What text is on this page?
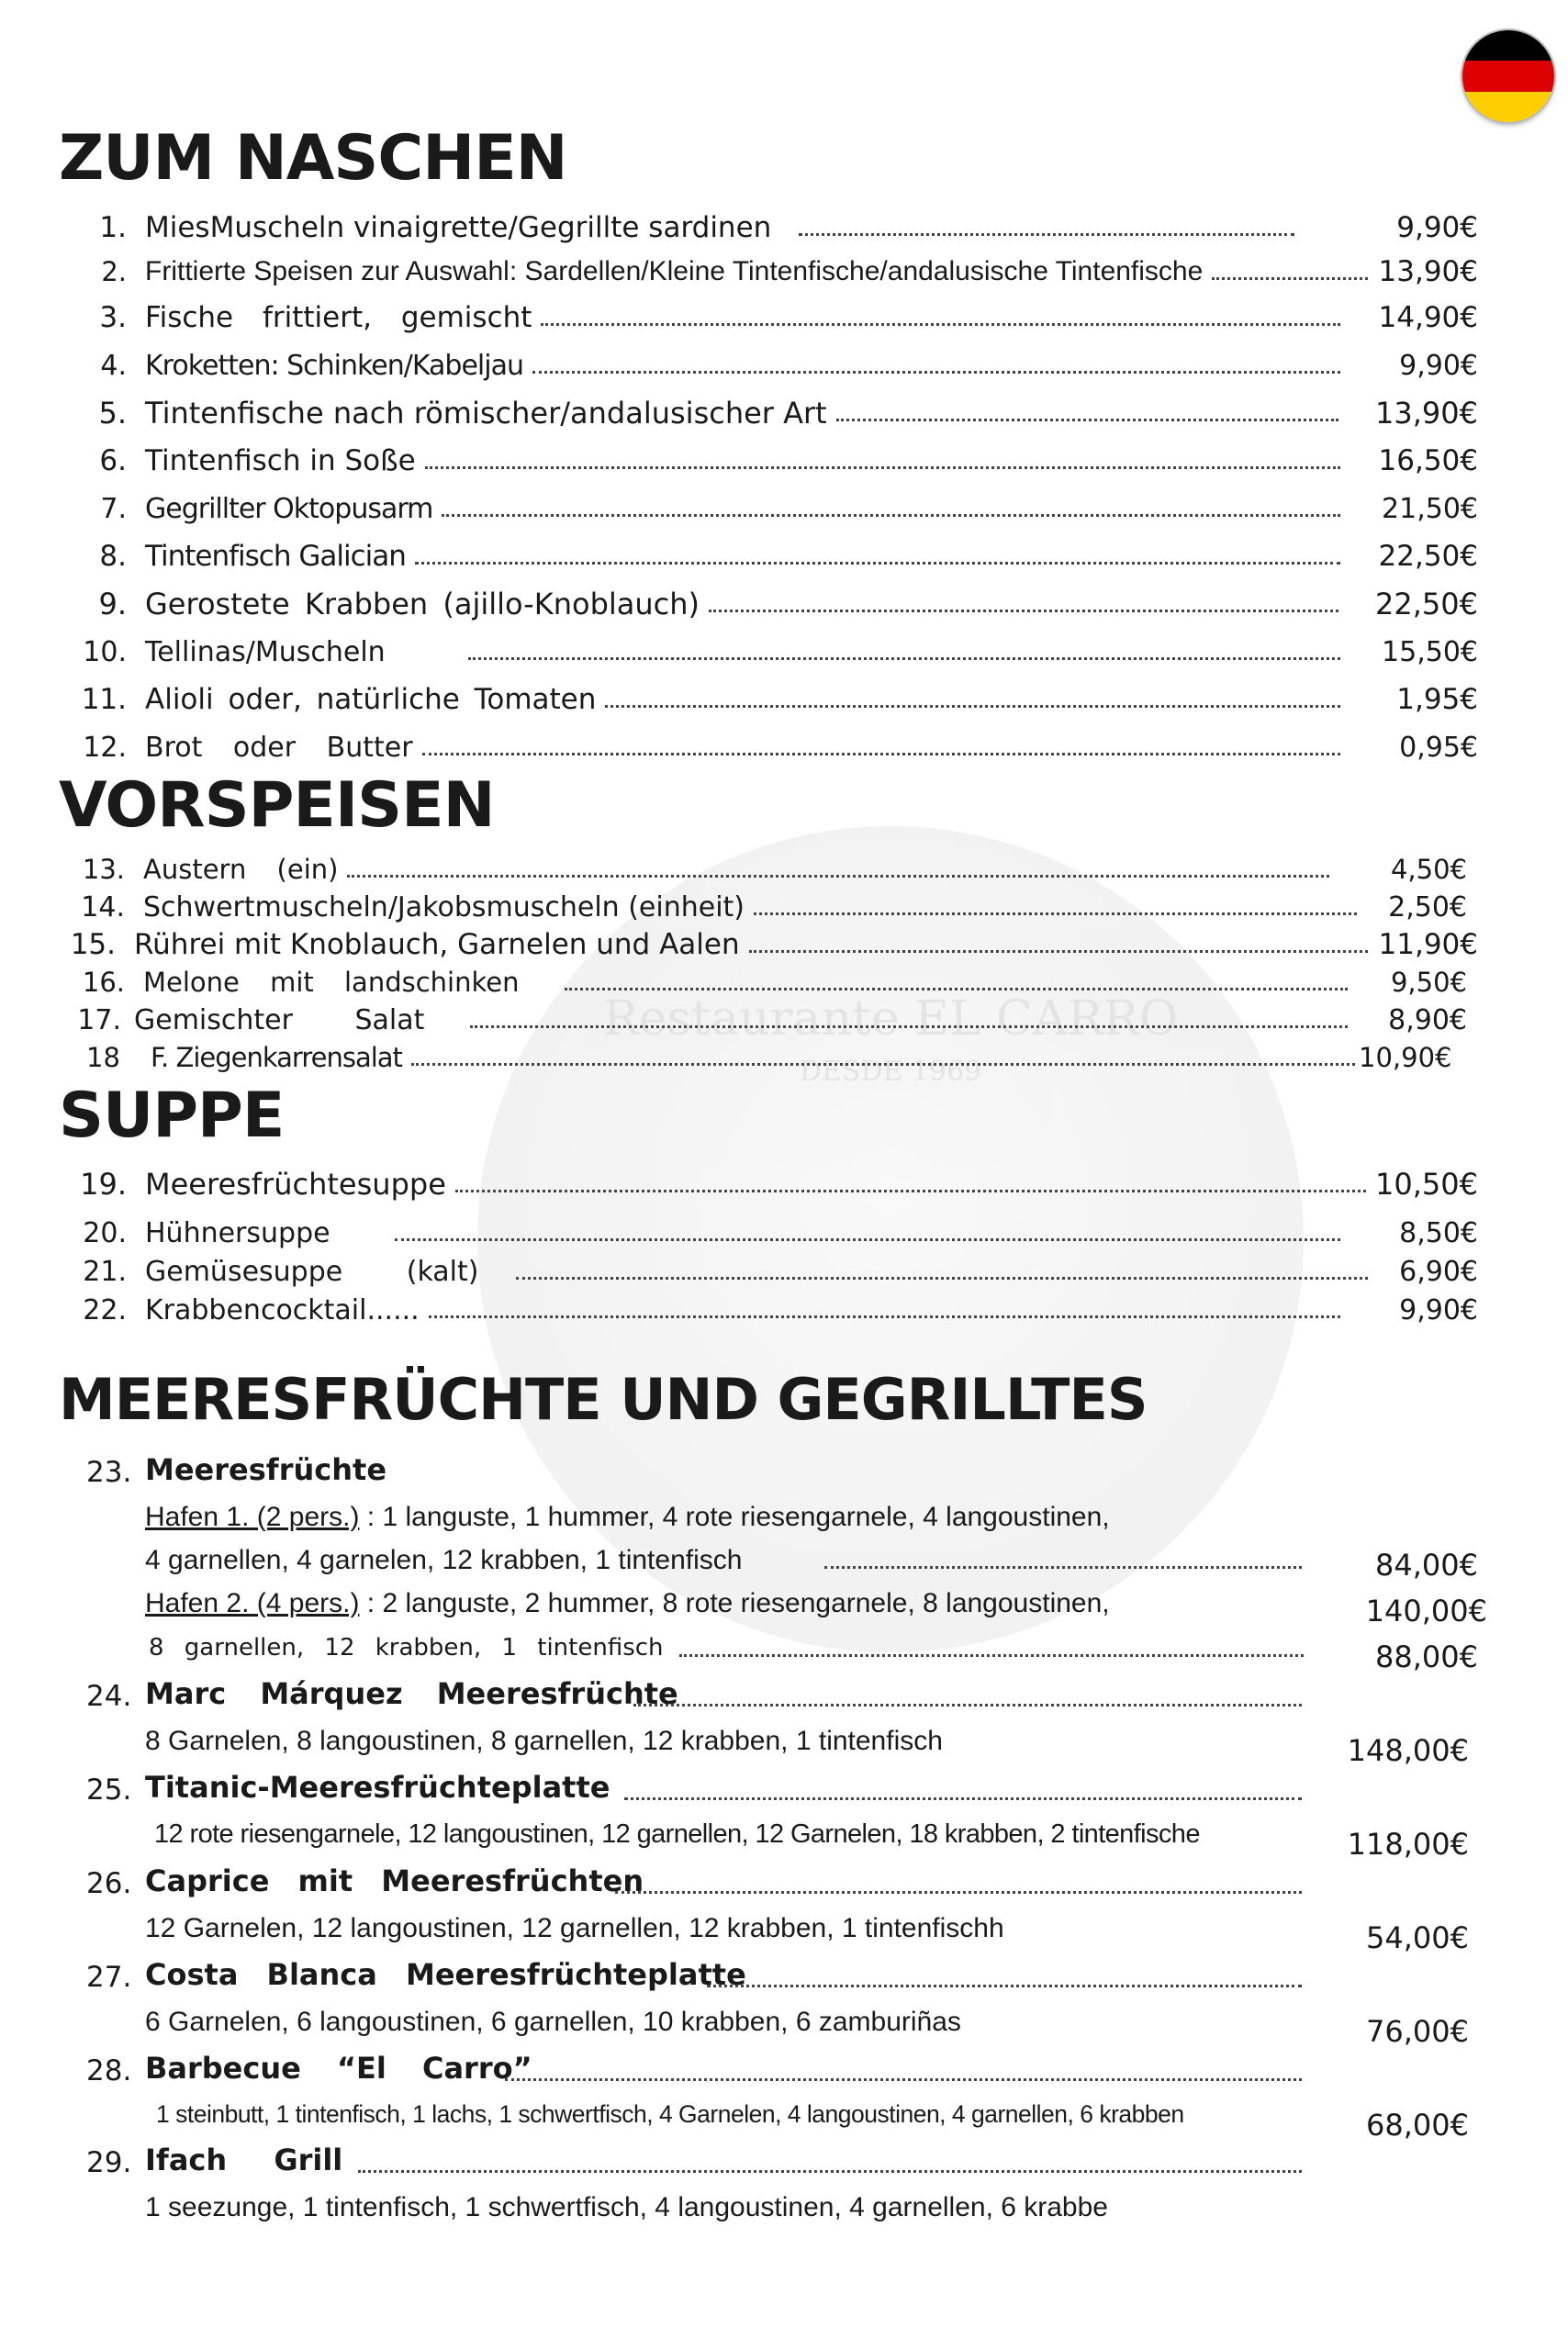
Restaurante EL CARRO
DESDE 1969
ZUM NASCHEN
1. MiesMuscheln vinaigrette/Gegrillte sardinen	9,90€
2. Frittierte Speisen zur Auswahl: Sardellen/Kleine Tintenfische/andalusische Tintenfische	13,90€
3. Fische frittiert, gemischt	14,90€
4. Kroketten: Schinken/Kabeljau	9,90€
5. Tintenfische nach römischer/andalusischer Art	13,90€
6. Tintenfisch in Soße	16,50€
7. Gegrillter Oktopusarm	21,50€
8. Tintenfisch Galician	22,50€
9. Gerostete Krabben (ajillo-Knoblauch)	22,50€
10. Tellinas/Muscheln	15,50€
11. Alioli oder, natürliche Tomaten	1,95€
12. Brot oder Butter	0,95€
VORSPEISEN
13. Austern (ein)	4,50€
14. Schwertmuscheln/Jakobsmuscheln (einheit)	2,50€
15. Rührei mit Knoblauch, Garnelen und Aalen	11,90€
16. Melone mit landschinken	9,50€
17. Gemischter Salat	8,90€
18	F. Ziegenkarrensalat	10,90€
SUPPE
19. Meeresfrüchtesuppe	10,50€
20. Hühnersuppe	8,50€
21. Gemüsesuppe (kalt)	6,90€
22. Krabbencocktail......	9,90€
MEERESFRÜCHTE UND GEGRILLTES
23. Meeresfrüchte
Hafen 1. (2 pers.) : 1 languste, 1 hummer, 4 rote riesengarnele, 4 langoustinen,
4 garnellen, 4 garnelen, 12 krabben, 1 tintenfisch	84,00€
Hafen 2. (4 pers.) : 2 languste, 2 hummer, 8 rote riesengarnele, 8 langoustinen,	140,00€
8 garnellen, 12 krabben, 1 tintenfisch	88,00€
24. Marc Márquez Meeresfrüchte
8 Garnelen, 8 langoustinen, 8 garnellen, 12 krabben, 1 tintenfisch	148,00€
25. Titanic-Meeresfrüchteplatte
12 rote riesengarnele, 12 langoustinen, 12 garnellen, 12 Garnelen, 18 krabben, 2 tintenfische	118,00€
26. Caprice mit Meeresfrüchten
12 Garnelen, 12 langoustinen, 12 garnellen, 12 krabben, 1 tintenfischh	54,00€
27. Costa Blanca Meeresfrüchteplatte
6 Garnelen, 6 langoustinen, 6 garnellen, 10 krabben, 6 zamburiñas	76,00€
28. Barbecue “El Carro”
1 steinbutt, 1 tintenfisch, 1 lachs, 1 schwertfisch, 4 Garnelen, 4 langoustinen, 4 garnellen, 6 krabben	68,00€
29. Ifach Grill
1 seezunge, 1 tintenfisch, 1 schwertfisch, 4 langoustinen, 4 garnellen, 6 krabbe
